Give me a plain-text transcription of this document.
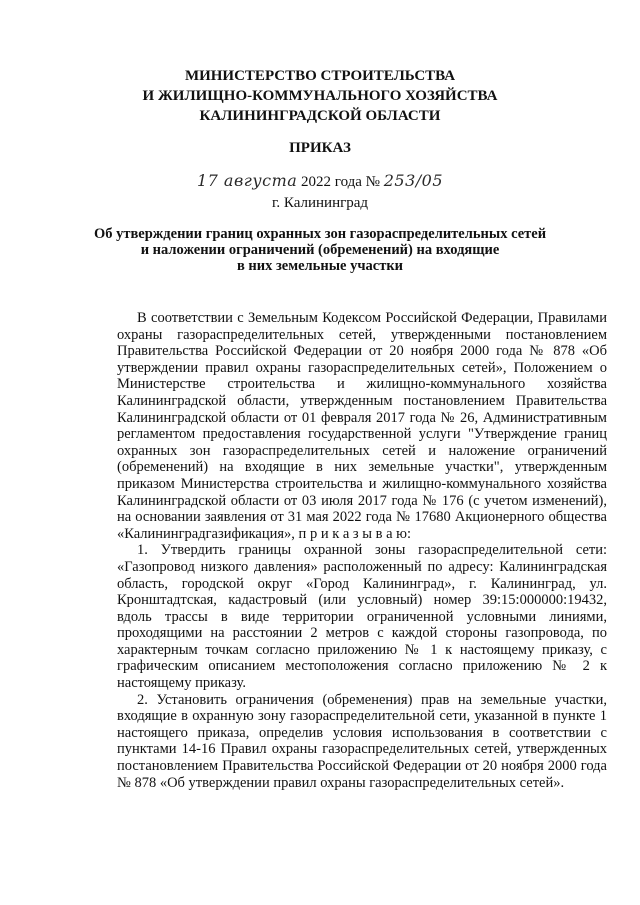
МИНИСТЕРСТВО СТРОИТЕЛЬСТВА
И ЖИЛИЩНО-КОММУНАЛЬНОГО ХОЗЯЙСТВА
КАЛИНИНГРАДСКОЙ ОБЛАСТИ
ПРИКАЗ
17 августа 2022 года № 253/05
г. Калининград
Об утверждении границ охранных зон газораспределительных сетей
и наложении ограничений (обременений) на входящие
в них земельные участки

В соответствии с Земельным Кодексом Российской Федерации, Правилами охраны газораспределительных сетей, утвержденными постановлением Правительства Российской Федерации от 20 ноября 2000 года № 878 «Об утверждении правил охраны газораспределительных сетей», Положением о Министерстве строительства и жилищно-коммунального хозяйства Калининградской области, утвержденным постановлением Правительства Калининградской области от 01 февраля 2017 года № 26, Административным регламентом предоставления государственной услуги "Утверждение границ охранных зон газораспределительных сетей и наложение ограничений (обременений) на входящие в них земельные участки", утвержденным приказом Министерства строительства и жилищно-коммунального хозяйства Калининградской области от 03 июля 2017 года № 176 (с учетом изменений), на основании заявления от 31 мая 2022 года № 17680 Акционерного общества «Калининградгазификация», п р и к а з ы в а ю:

1. Утвердить границы охранной зоны газораспределительной сети: «Газопровод низкого давления» расположенный по адресу: Калининградская область, городской округ «Город Калининград», г. Калининград, ул. Кронштадтская, кадастровый (или условный) номер 39:15:000000:19432, вдоль трассы в виде территории ограниченной условными линиями, проходящими на расстоянии 2 метров с каждой стороны газопровода, по характерным точкам согласно приложению № 1 к настоящему приказу, с графическим описанием местоположения согласно приложению № 2 к настоящему приказу.

2. Установить ограничения (обременения) прав на земельные участки, входящие в охранную зону газораспределительной сети, указанной в пункте 1 настоящего приказа, определив условия использования в соответствии с пунктами 14-16 Правил охраны газораспределительных сетей, утвержденных постановлением Правительства Российской Федерации от 20 ноября 2000 года № 878 «Об утверждении правил охраны газораспределительных сетей».
